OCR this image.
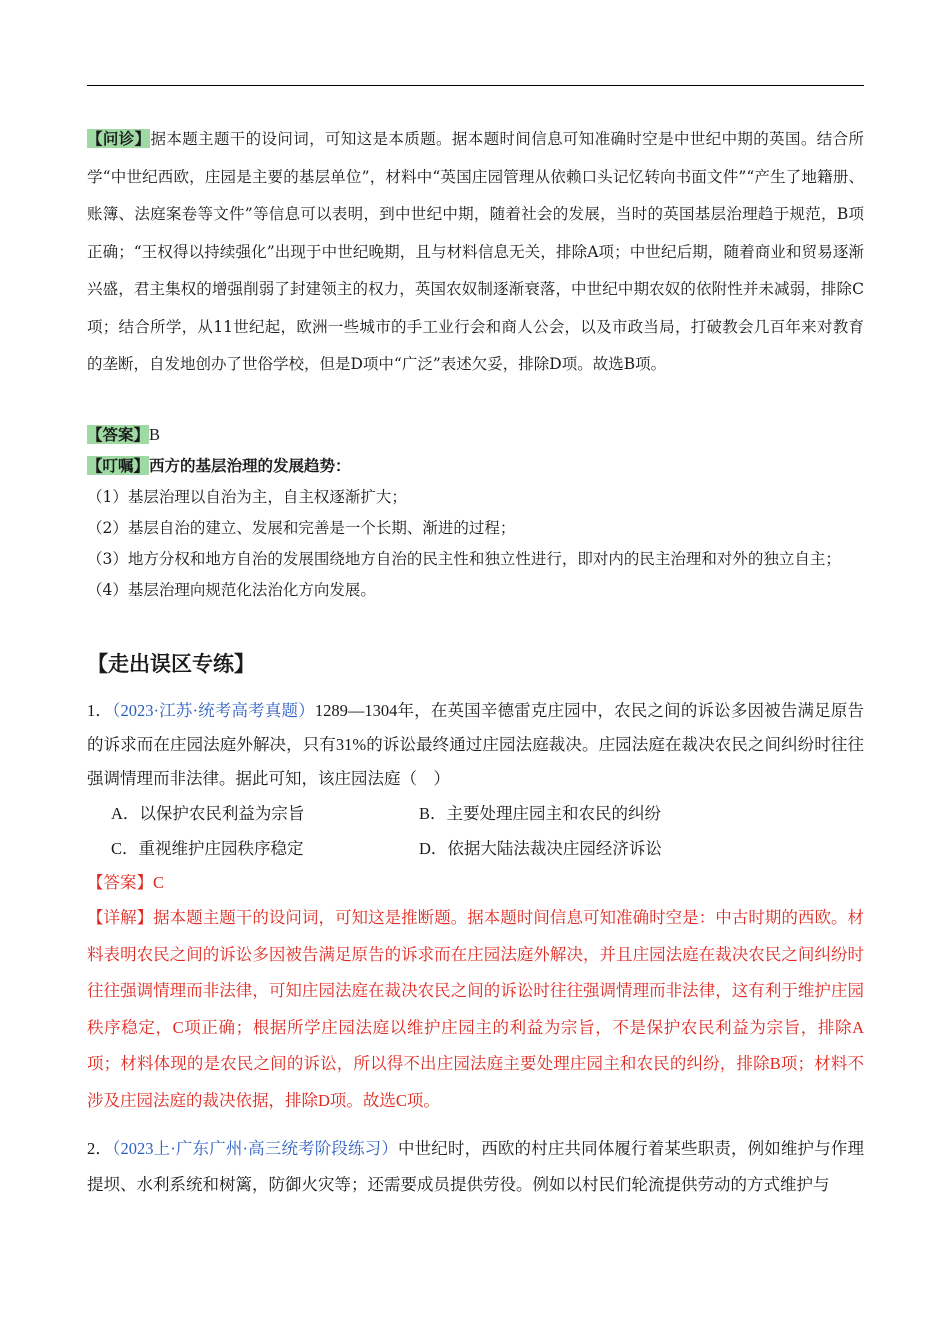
【问诊】据本题主题干的设问词，可知这是本质题。据本题时间信息可知准确时空是中世纪中期的英国。结合所学“中世纪西欧，庄园是主要的基层单位”，材料中“英国庄园管理从依赖口头记忆转向书面文件”“产生了地籍册、账簿、法庭案卷等文件”等信息可以表明，到中世纪中期，随着社会的发展，当时的英国基层治理趋于规范，B项正确；“王权得以持续强化”出现于中世纪晚期，且与材料信息无关，排除A项；中世纪后期，随着商业和贸易逐渐兴盛，君主集权的增强削弱了封建领主的权力，英国农奴制逐渐衰落，中世纪中期农奴的依附性并未减弱，排除C项；结合所学，从11世纪起，欧洲一些城市的手工业行会和商人公会，以及市政当局，打破教会几百年来对教育的垄断，自发地创办了世俗学校，但是D项中“广泛”表述欠妥，排除D项。故选B项。

【答案】B

【叮嘱】西方的基层治理的发展趋势：

（1）基层治理以自治为主，自主权逐渐扩大；

（2）基层自治的建立、发展和完善是一个长期、渐进的过程；

（3）地方分权和地方自治的发展围绕地方自治的民主性和独立性进行，即对内的民主治理和对外的独立自主；

（4）基层治理向规范化法治化方向发展。

【走出误区专练】

1．（2023·江苏·统考高考真题）1289—1304年，在英国辛德雷克庄园中，农民之间的诉讼多因被告满足原告的诉求而在庄园法庭外解决，只有31%的诉讼最终通过庄园法庭裁决。庄园法庭在裁决农民之间纠纷时往往强调情理而非法律。据此可知，该庄园法庭（　）

A．以保护农民利益为宗旨	B．主要处理庄园主和农民的纠纷
C．重视维护庄园秩序稳定	D．依据大陆法裁决庄园经济诉讼

【答案】C

【详解】据本题主题干的设问词，可知这是推断题。据本题时间信息可知准确时空是：中古时期的西欧。材料表明农民之间的诉讼多因被告满足原告的诉求而在庄园法庭外解决，并且庄园法庭在裁决农民之间纠纷时往往强调情理而非法律，可知庄园法庭在裁决农民之间的诉讼时往往强调情理而非法律，这有利于维护庄园秩序稳定，C项正确；根据所学庄园法庭以维护庄园主的利益为宗旨，不是保护农民利益为宗旨，排除A项；材料体现的是农民之间的诉讼，所以得不出庄园法庭主要处理庄园主和农民的纠纷，排除B项；材料不涉及庄园法庭的裁决依据，排除D项。故选C项。

2．（2023上·广东广州·高三统考阶段练习）中世纪时，西欧的村庄共同体履行着某些职责，例如维护与作理提坝、水利系统和树篱，防御火灾等；还需要成员提供劳役。例如以村民们轮流提供劳动的方式维护与
